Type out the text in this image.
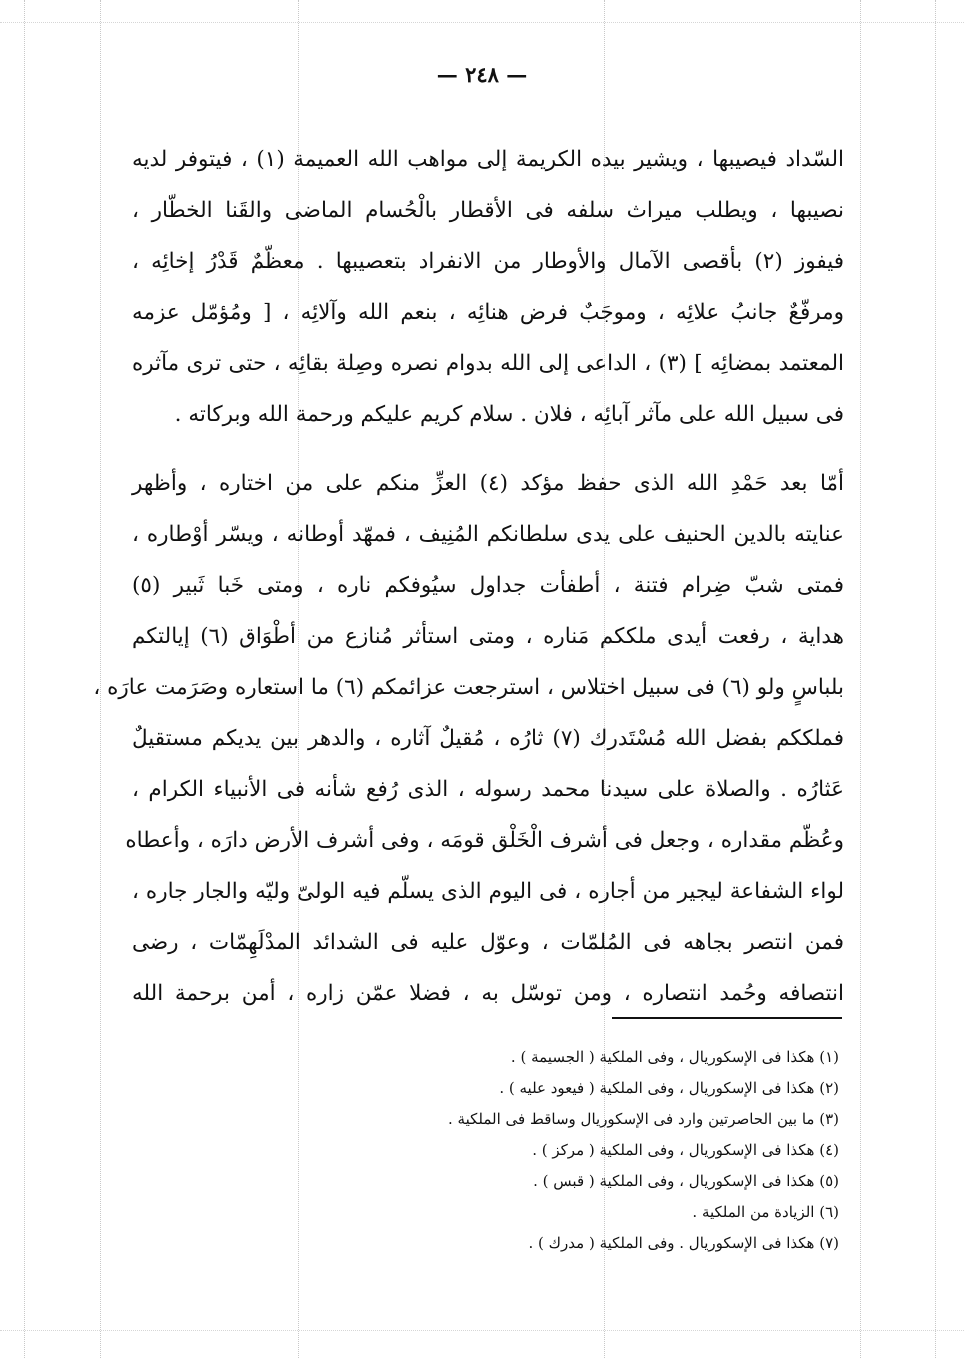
— ٢٤٨ —
السّداد فيصيبها ، ويشير بيده الكريمة إلى مواهب الله العميمة (١) ، فيتوفر لديه
نصيبها ، ويطلب ميراث سلفه فى الأقطار بالْحُسام الماضى والقَنا الخطّار ،
فيفوز (٢) بأقصى الآمال والأوطار من الانفراد بتعصيبها . معظّمٌ قَدْرُ إخائِه ،
ومرفّعٌ جانبُ علائِه ، وموجَبٌ فرض هنائِه ، بنعم الله وآلائِه ، [ ومُؤمّل عزمه
المعتمد بمضائِه ] (٣) ، الداعى إلى الله بدوام نصره وصِلة بقائِه ، حتى ترى مآثره
فى سبيل الله على مآثر آبائِه ، فلان . سلام كريم عليكم ورحمة الله وبركاته .
أمّا بعد حَمْدِ الله الذى حفظ مؤكد (٤) العزِّ منكم على من اختاره ، وأظهر
عنايته بالدين الحنيف على يدى سلطانكم المُنِيف ، فمهّد أوطانه ، ويسّر أوْطاره ،
فمتى شبّ ضِرام فتنة ، أطفأت جداول سيُوفكم ناره ، ومتى خَبا ثَبير (٥)
هداية ، رفعت أيدى ملككم مَناره ، ومتى استأثر مُنازع من أطْوَاق (٦) إيالتكم
بلباسٍ ولو (٦) فى سبيل اختلاس ، استرجعت عزائمكم (٦) ما استعاره وصَرَمت عارَه ،
فملككم بفضل الله مُسْتَدرك (٧) ثارُه ، مُقيلٌ آثاره ، والدهر بين يديكم مستقيلٌ
عَثارُه . والصلاة على سيدنا محمد رسوله ، الذى رُفع شأنه فى الأنبياء الكرام ،
وعُظّم مقداره ، وجعل فى أشرف الْخَلْق قومَه ، وفى أشرف الأرض دارَه ، وأعطاه
لواء الشفاعة ليجير من أجاره ، فى اليوم الذى يسلّم فيه الولىّ وليّه والجار جاره ،
فمن انتصر بجاهه فى المُلمّات ، وعوّل عليه فى الشدائد المدْلَهِمّات ، رضى
انتصافه وحُمد انتصاره ، ومن توسّل به ، فضلا عمّن زاره ، أمن برحمة الله
(١) هكذا فى الإسكوريال ، وفى الملكية ( الجسيمة ) .
(٢) هكذا فى الإسكوريال ، وفى الملكية ( فيعود عليه ) .
(٣) ما بين الحاصرتين وارد فى الإسكوريال وساقط فى الملكية .
(٤) هكذا فى الإسكوريال ، وفى الملكية ( مركز ) .
(٥) هكذا فى الإسكوريال ، وفى الملكية ( قبس ) .
(٦) الزيادة من الملكية .
(٧) هكذا فى الإسكوريال . وفى الملكية ( مدرك ) .
